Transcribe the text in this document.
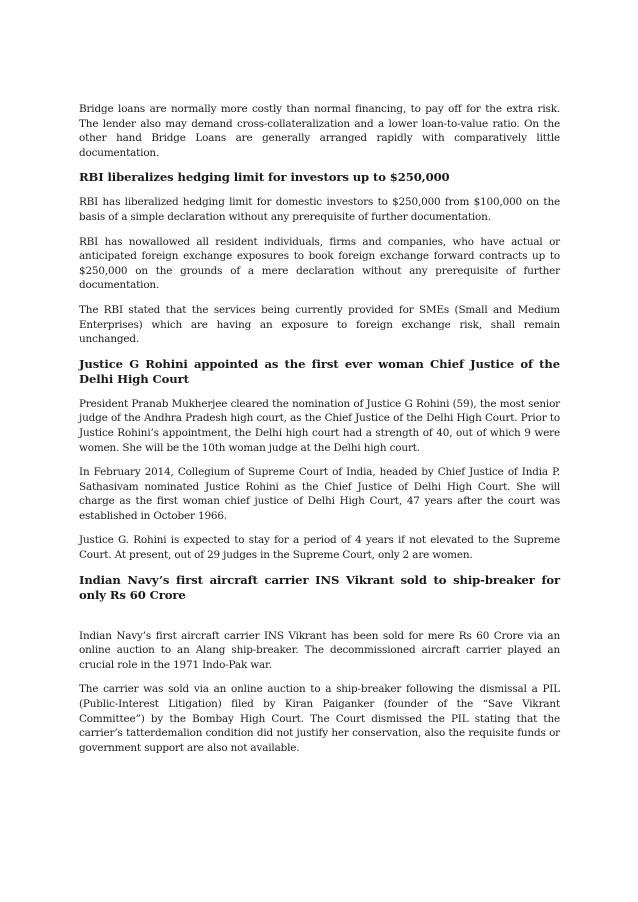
Bridge loans are normally more costly than normal financing, to pay off for the extra risk. The lender also may demand cross-collateralization and a lower loan-to-value ratio. On the other hand Bridge Loans are generally arranged rapidly with comparatively little documentation.

RBI liberalizes hedging limit for investors up to $250,000

RBI has liberalized hedging limit for domestic investors to $250,000 from $100,000 on the basis of a simple declaration without any prerequisite of further documentation.

RBI has nowallowed all resident individuals, firms and companies, who have actual or anticipated foreign exchange exposures to book foreign exchange forward contracts up to $250,000 on the grounds of a mere declaration without any prerequisite of further documentation.

The RBI stated that the services being currently provided for SMEs (Small and Medium Enterprises) which are having an exposure to foreign exchange risk, shall remain unchanged.

Justice G Rohini appointed as the first ever woman Chief Justice of the Delhi High Court

President Pranab Mukherjee cleared the nomination of Justice G Rohini (59), the most senior judge of the Andhra Pradesh high court, as the Chief Justice of the Delhi High Court. Prior to Justice Rohini’s appointment, the Delhi high court had a strength of 40, out of which 9 were women. She will be the 10th woman judge at the Delhi high court.

In February 2014, Collegium of Supreme Court of India, headed by Chief Justice of India P. Sathasivam nominated Justice Rohini as the Chief Justice of Delhi High Court. She will charge as the first woman chief justice of Delhi High Court, 47 years after the court was established in October 1966.

Justice G. Rohini is expected to stay for a period of 4 years if not elevated to the Supreme Court. At present, out of 29 judges in the Supreme Court, only 2 are women.

Indian Navy’s first aircraft carrier INS Vikrant sold to ship-breaker for only Rs 60 Crore

Indian Navy’s first aircraft carrier INS Vikrant has been sold for mere Rs 60 Crore via an online auction to an Alang ship-breaker. The decommissioned aircraft carrier played an crucial role in the 1971 Indo-Pak war.

The carrier was sold via an online auction to a ship-breaker following the dismissal a PIL (Public-Interest Litigation) filed by Kiran Paiganker (founder of the “Save Vikrant Committee”) by the Bombay High Court. The Court dismissed the PIL stating that the carrier’s tatterdemalion condition did not justify her conservation, also the requisite funds or government support are also not available.
